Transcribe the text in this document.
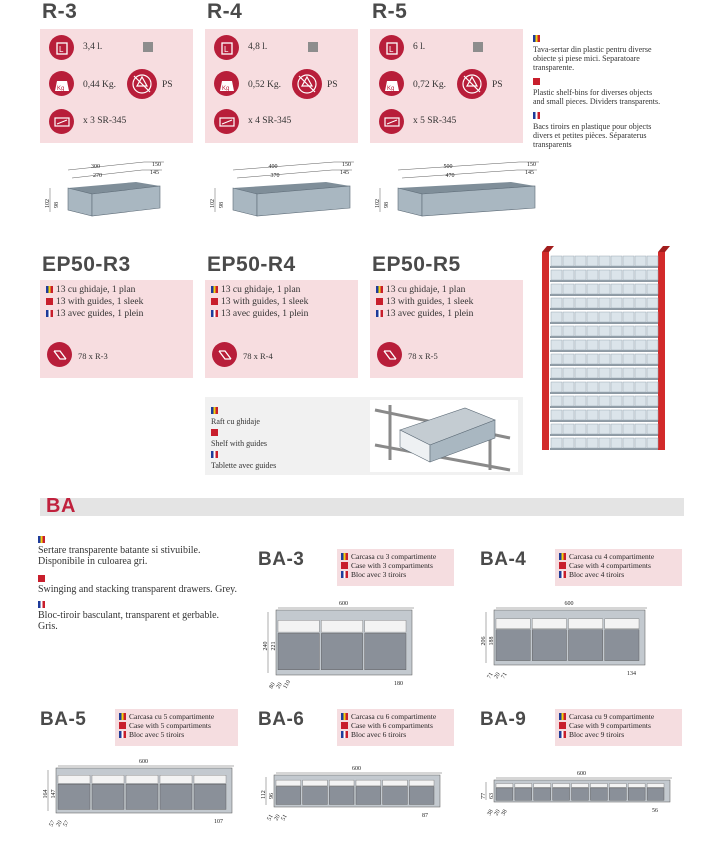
R-3
L 3,4 l.
Kg 0,44 Kg.	PS
x 3 SR-345
R-4
L 4,8 l.
Kg 0,52 Kg.	PS
x 4 SR-345
R-5
L 6 l.
Kg 0,72 Kg.	PS
x 5 SR-345
300
270
150
145
102 98
400
370
150
145
102 98
500
470
150
145
102 98

Tava-sertar din plastic pentru diverse obiecte și piese mici. Separatoare transparente.

Plastic shelf-bins for diverses objects and small pieces. Dividers transparents.

Bacs tiroirs en plastique pour objects divers et petites pièces. Séparaterus transparents
EP50-R3
13 cu ghidaje, 1 plan
13 with guides, 1 sleek
13 avec guides, 1 plein
78 x R-3
EP50-R4
13 cu ghidaje, 1 plan
13 with guides, 1 sleek
13 avec guides, 1 plein
78 x R-4
EP50-R5
13 cu ghidaje, 1 plan
13 with guides, 1 sleek
13 avec guides, 1 plein
78 x R-5
Raft cu ghidaje
Shelf with guides
Tablette avec guides
BA
Sertare transparente batante si stivuibile. Disponibile in culoarea gri.
Swinging and stacking transparent drawers. Grey.
Bloc-tiroir basculant, transparent et gerbable. Gris.
BA-3	Carcasa cu 3 compartimente
Case with 3 compartiments
Bloc avec 3 tiroirs
600
240 221
180
80
20
110
BA-4	Carcasa cu 4 compartimente
Case with 4 compartiments
Bloc avec 4 tiroirs
600
206 188
134
71
20
71
BA-5	Carcasa cu 5 compartimente
Case with 5 compartiments
Bloc avec 5 tiroirs
600
164 147
107
57
20
57
BA-6	Carcasa cu 6 compartimente
Case with 6 compartiments
Bloc avec 6 tiroirs
600
112 96
87
51
20
51
BA-9	Carcasa cu 9 compartimente
Case with 9 compartiments
Bloc avec 9 tiroirs
600
77 63
56
38
20
38
